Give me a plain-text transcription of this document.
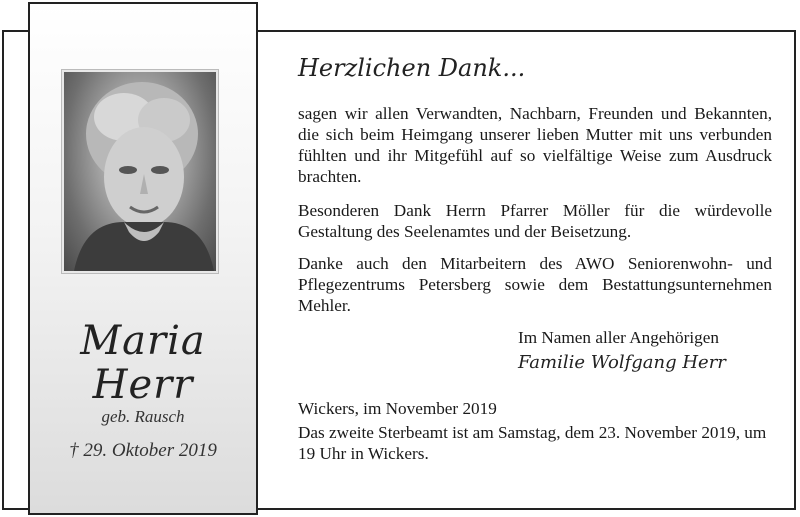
Maria
Herr
geb. Rausch
† 29. Oktober 2019
Herzlichen Dank...

sagen wir allen Verwandten, Nachbarn, Freunden und Bekannten, die sich beim Heimgang unserer lieben Mutter mit uns verbunden fühlten und ihr Mitgefühl auf so vielfältige Weise zum Ausdruck brachten.

Besonderen Dank Herrn Pfarrer Möller für die würdevolle Gestaltung des Seelenamtes und der Beisetzung.

Danke auch den Mitarbeitern des AWO Seniorenwohn- und Pflegezentrums Petersberg sowie dem Bestattungsunternehmen Mehler.

Im Namen aller Angehörigen
Familie Wolfgang Herr
Wickers, im November 2019

Das zweite Sterbeamt ist am Samstag, dem 23. November 2019, um 19 Uhr in Wickers.
